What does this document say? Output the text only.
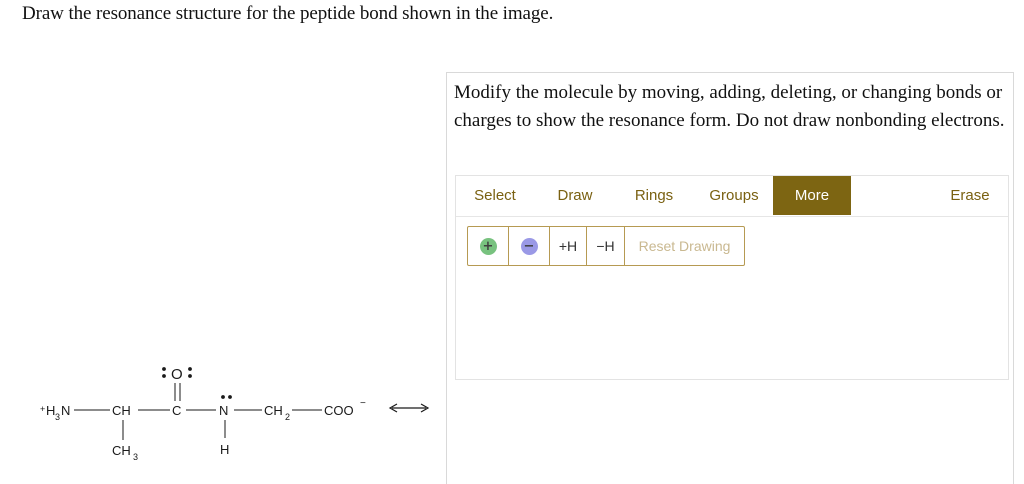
Draw the resonance structure for the peptide bond shown in the image.
Modify the molecule by moving, adding, deleting, or changing bonds or charges to show the resonance form. Do not draw nonbonding electrons.
Select	Draw	Rings	Groups	More	Erase
+ −	+H	−H	Reset Drawing
+ H 3 N	CH
CH 3
C
O
N
H
CH 2	COO −
